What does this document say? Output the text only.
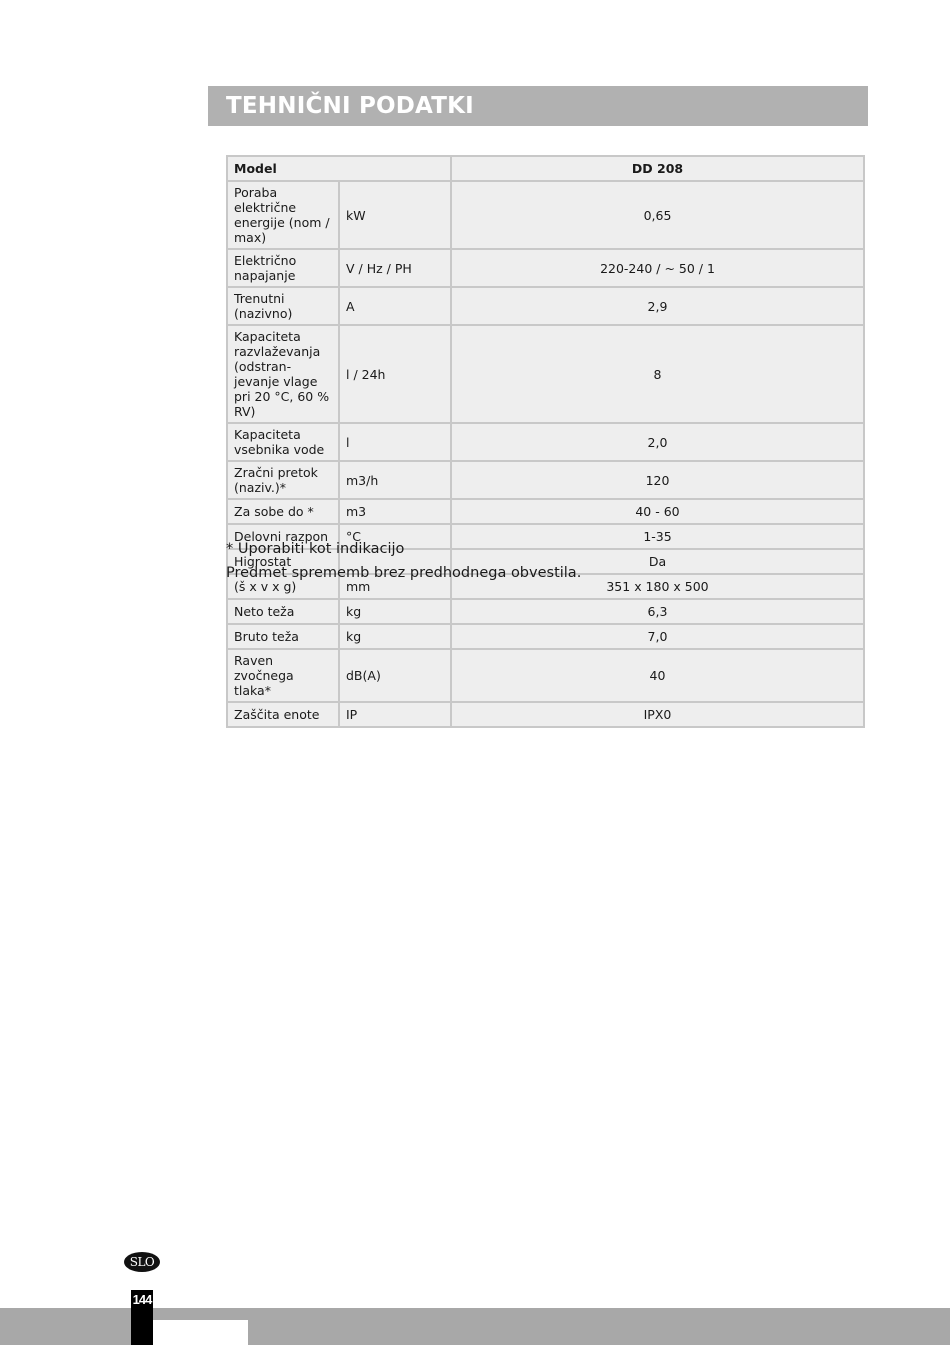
TEHNIČNI PODATKI
Model		DD 208
Poraba električne energije (nom / max)	kW	0,65
Električno napajanje	V / Hz / PH	220-240 / ~ 50 / 1
Trenutni (nazivno)	A	2,9
Kapaciteta razvlaževanja (odstran-jevanje vlage pri 20 °C, 60 % RV)	l / 24h	8
Kapaciteta vsebnika vode	l	2,0
Zračni pretok (naziv.)*	m3/h	120
Za sobe do *	m3	40 - 60
Delovni razpon	°C	1-35
Higrostat		Da
(š x v x g)	mm	351 x 180 x 500
Neto teža	kg	6,3
Bruto teža	kg	7,0
Raven zvočnega tlaka*	dB(A)	40
Zaščita enote	IP	IPX0

* Uporabiti kot indikacijo

Predmet sprememb brez predhodnega obvestila.

SLO
144
